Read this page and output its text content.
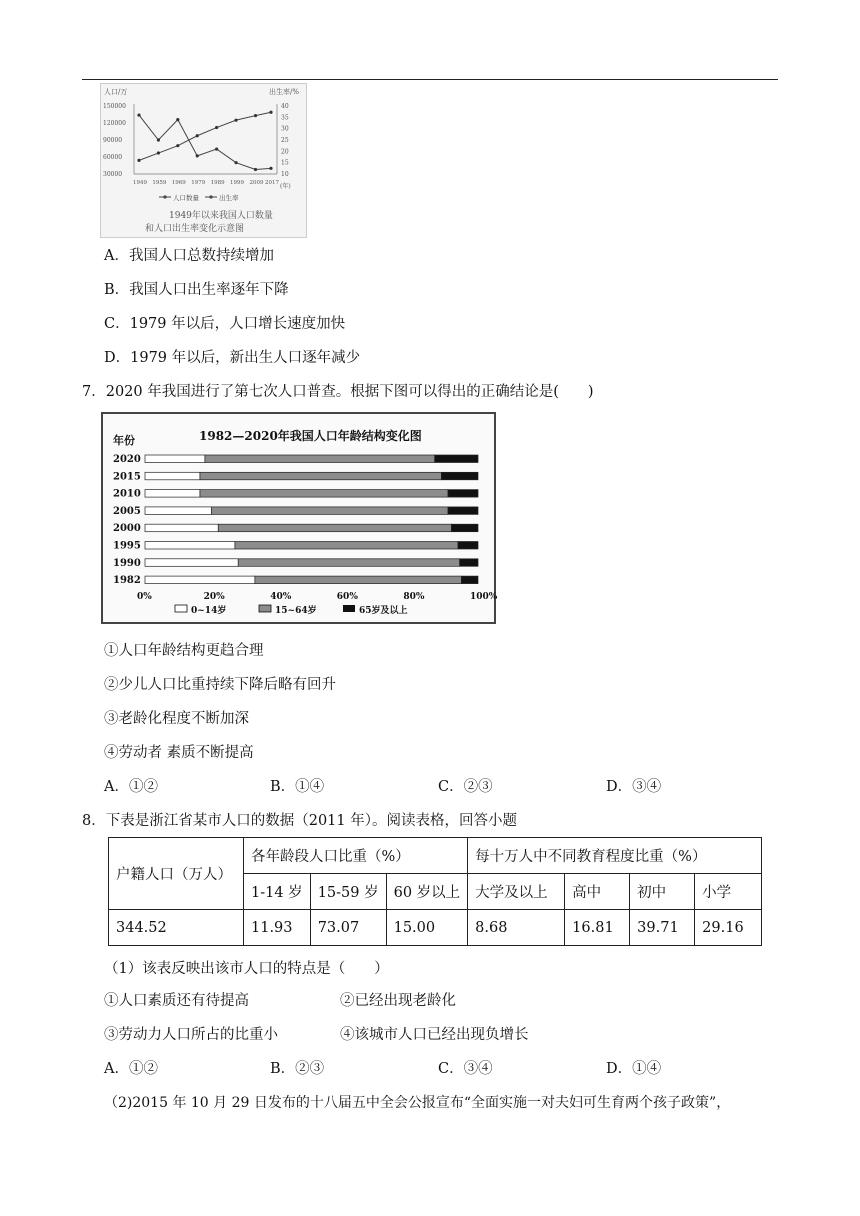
人口/万	出生率/%
150000
120000
90000
60000
30000
40
35
30
25
20
15
10
1949 1959 1969 1979 1989 1999 2009 2017 (年)
人口数量	出生率
1949年以来我国人口数量
和人口出生率变化示意图
A．我国人口总数持续增加
B．我国人口出生率逐年下降
C．1979 年以后，人口增长速度加快
D．1979 年以后，新出生人口逐年减少
7．2020 年我国进行了第七次人口普查。根据下图可以得出的正确结论是(　　)
年份	1982—2020年我国人口年龄结构变化图
2020
2015
2010
2005
2000
1995
1990
1982
0%	20%	40%	60%	80%	100%
0~14岁	15~64岁	65岁及以上
①人口年龄结构更趋合理
②少儿人口比重持续下降后略有回升
③老龄化程度不断加深
④劳动者 素质不断提高
A．①②	B．①④	C．②③	D．③④
8．下表是浙江省某市人口的数据（2011 年）。阅读表格，回答小题
户籍人口（万人）	各年龄段人口比重（%）			每十万人中不同教育程度比重（%）			
	1-14 岁	15-59 岁	60 岁以上	大学及以上	高中	初中	小学
344.52	11.93	73.07	15.00	8.68	16.81	39.71	29.16
（1）该表反映出该市人口的特点是（　　）
①人口素质还有待提高	②已经出现老龄化
③劳动力人口所占的比重小	④该城市人口已经出现负增长
A．①②	B．②③	C．③④	D．①④
（2)2015 年 10 月 29 日发布的十八届五中全会公报宣布“全面实施一对夫妇可生育两个孩子政策”，
